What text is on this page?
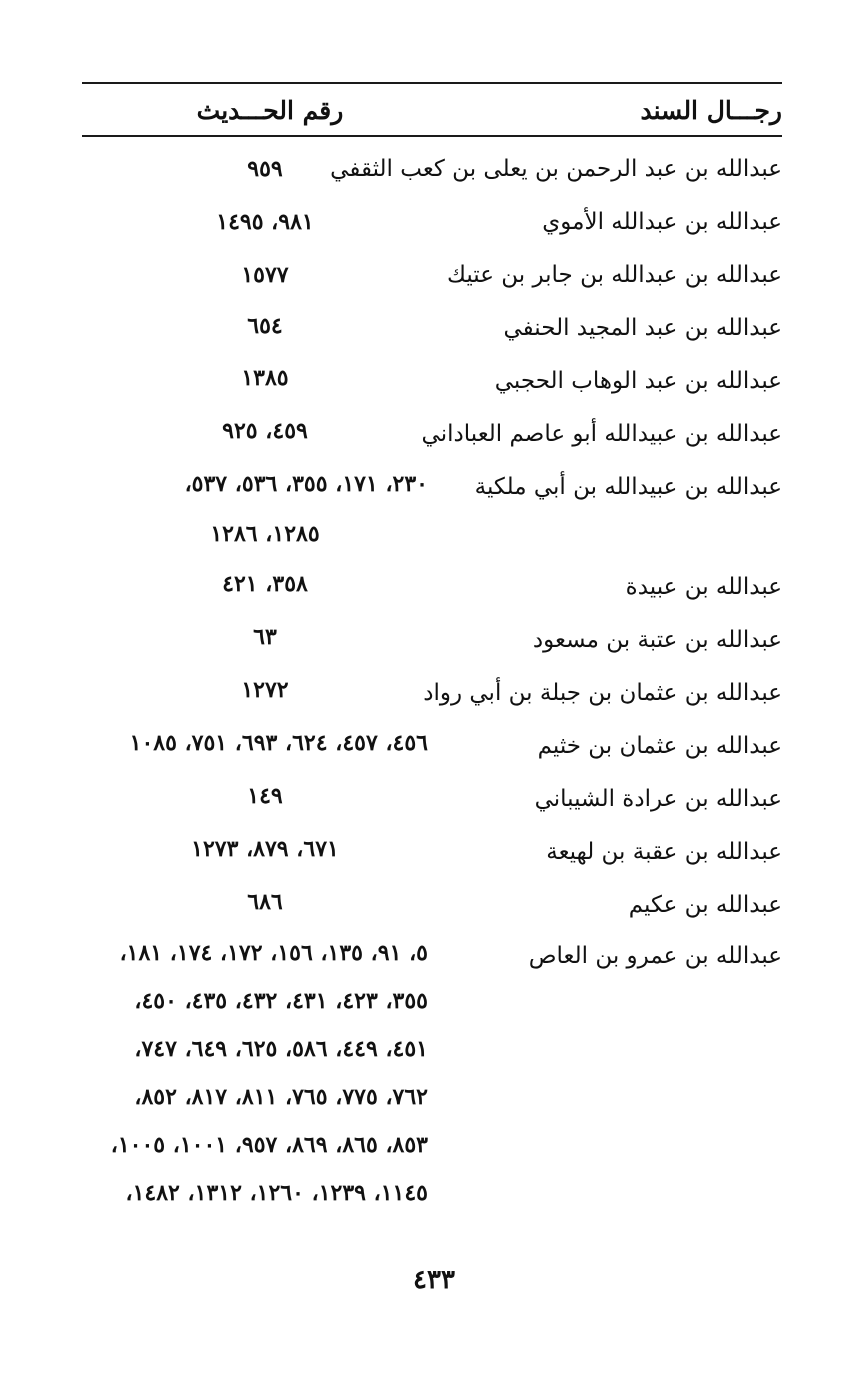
رجـــال السند
رقم الحـــديث
عبدالله بن عبد الرحمن بن يعلى بن كعب الثقفي
٩٥٩
عبدالله بن عبدالله الأموي
٩٨١، ١٤٩٥
عبدالله بن عبدالله بن جابر بن عتيك
١٥٧٧
عبدالله بن عبد المجيد الحنفي
٦٥٤
عبدالله بن عبد الوهاب الحجبي
١٣٨٥
عبدالله بن عبيدالله أبو عاصم العباداني
٤٥٩، ٩٢٥
عبدالله بن عبيدالله بن أبي ملكية
٢٣٠، ١٧١، ٣٥٥، ٥٣٦، ٥٣٧،
١٢٨٥، ١٢٨٦
عبدالله بن عبيدة
٣٥٨، ٤٢١
عبدالله بن عتبة بن مسعود
٦٣
عبدالله بن عثمان بن جبلة بن أبي رواد
١٢٧٢
عبدالله بن عثمان بن خثيم
٤٥٦، ٤٥٧، ٦٢٤، ٦٩٣، ٧٥١، ١٠٨٥
عبدالله بن عرادة الشيباني
١٤٩
عبدالله بن عقبة بن لهيعة
٦٧١، ٨٧٩، ١٢٧٣
عبدالله بن عكيم
٦٨٦
عبدالله بن عمرو بن العاص
٥، ٩١، ١٣٥، ١٥٦، ١٧٢، ١٧٤، ١٨١،
٣٥٥، ٤٢٣، ٤٣١، ٤٣٢، ٤٣٥، ٤٥٠،
٤٥١، ٤٤٩، ٥٨٦، ٦٢٥، ٦٤٩، ٧٤٧،
٧٦٢، ٧٧٥، ٧٦٥، ٨١١، ٨١٧، ٨٥٢،
٨٥٣، ٨٦٥، ٨٦٩، ٩٥٧، ١٠٠١، ١٠٠٥،
١١٤٥، ١٢٣٩، ١٢٦٠، ١٣١٢، ١٤٨٢،
٤٣٣
